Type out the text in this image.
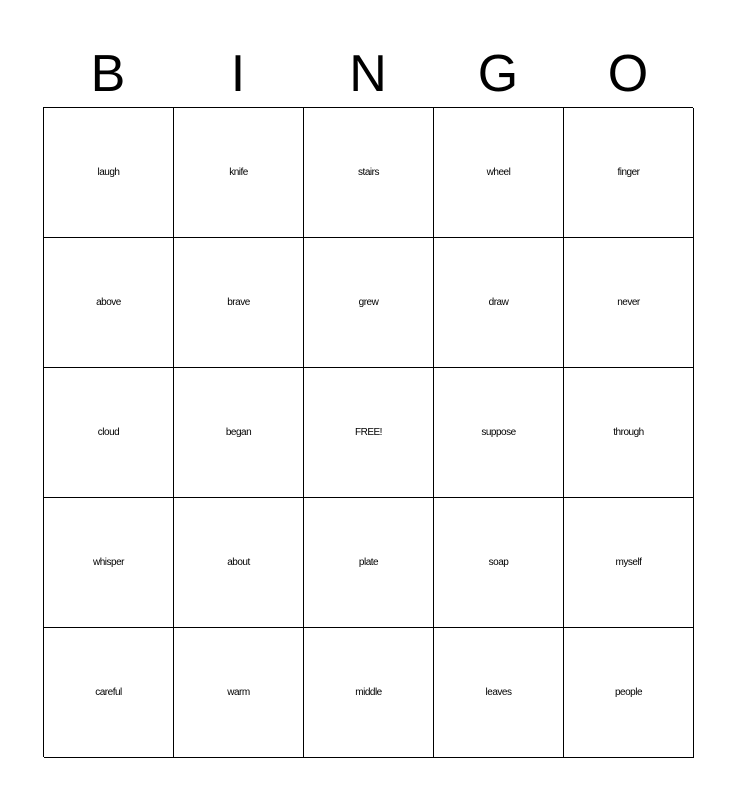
B	I	N	G	O
laugh	knife	stairs	wheel	finger
above	brave	grew	draw	never
cloud	began	FREE!	suppose	through
whisper	about	plate	soap	myself
careful	warm	middle	leaves	people
